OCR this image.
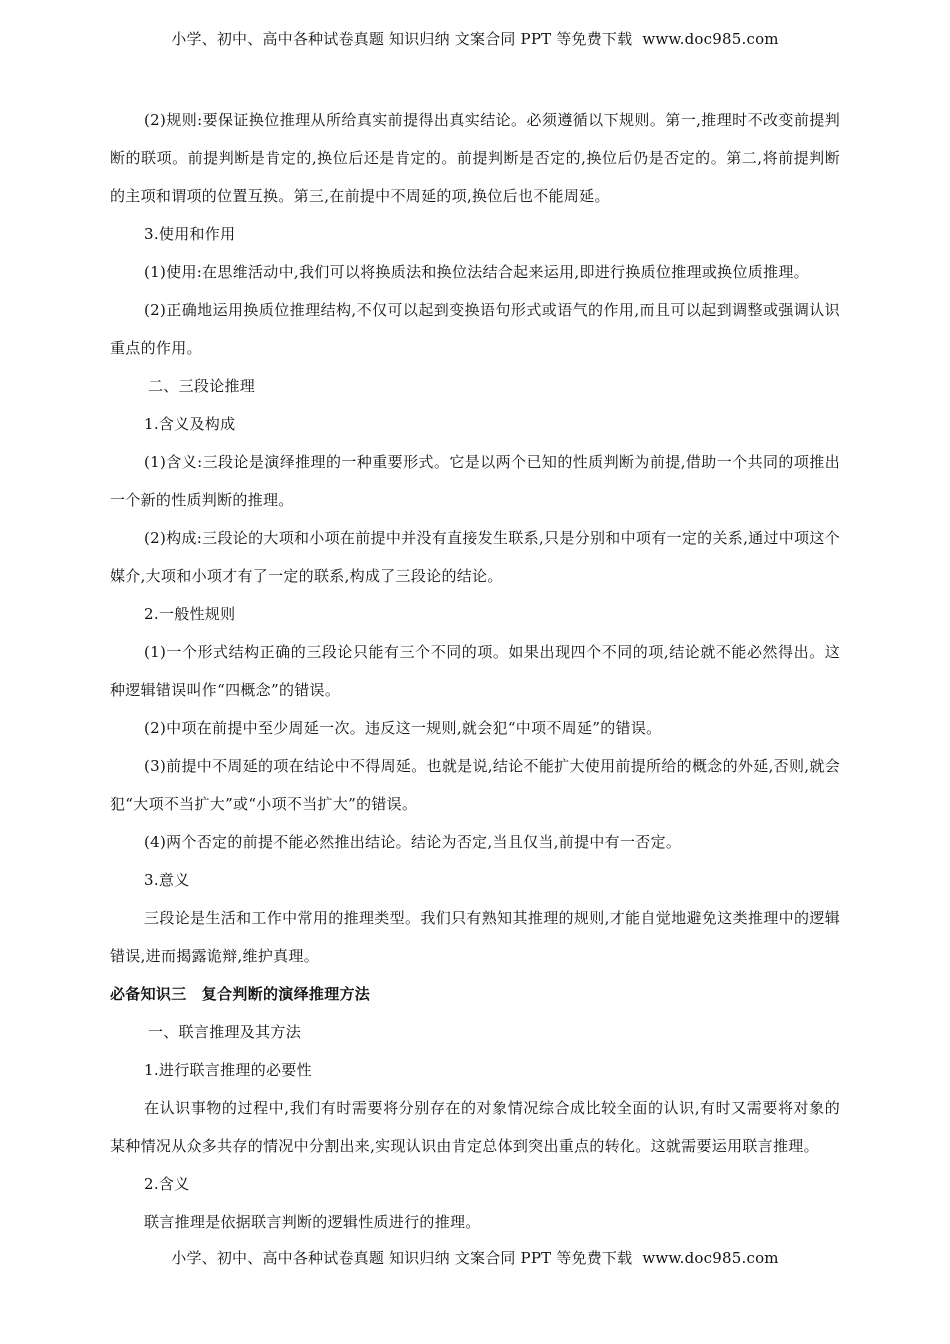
小学、初中、高中各种试卷真题 知识归纳 文案合同 PPT 等免费下载 www.doc985.com

(2)规则:要保证换位推理从所给真实前提得出真实结论。必须遵循以下规则。第一,推理时不改变前提判断的联项。前提判断是肯定的,换位后还是肯定的。前提判断是否定的,换位后仍是否定的。第二,将前提判断的主项和谓项的位置互换。第三,在前提中不周延的项,换位后也不能周延。

3.使用和作用

(1)使用:在思维活动中,我们可以将换质法和换位法结合起来运用,即进行换质位推理或换位质推理。

(2)正确地运用换质位推理结构,不仅可以起到变换语句形式或语气的作用,而且可以起到调整或强调认识重点的作用。

二、三段论推理

1.含义及构成

(1)含义:三段论是演绎推理的一种重要形式。它是以两个已知的性质判断为前提,借助一个共同的项推出一个新的性质判断的推理。

(2)构成:三段论的大项和小项在前提中并没有直接发生联系,只是分别和中项有一定的关系,通过中项这个媒介,大项和小项才有了一定的联系,构成了三段论的结论。

2.一般性规则

(1)一个形式结构正确的三段论只能有三个不同的项。如果出现四个不同的项,结论就不能必然得出。这种逻辑错误叫作“四概念”的错误。

(2)中项在前提中至少周延一次。违反这一规则,就会犯“中项不周延”的错误。

(3)前提中不周延的项在结论中不得周延。也就是说,结论不能扩大使用前提所给的概念的外延,否则,就会犯“大项不当扩大”或“小项不当扩大”的错误。

(4)两个否定的前提不能必然推出结论。结论为否定,当且仅当,前提中有一否定。

3.意义

三段论是生活和工作中常用的推理类型。我们只有熟知其推理的规则,才能自觉地避免这类推理中的逻辑错误,进而揭露诡辩,维护真理。

必备知识三　复合判断的演绎推理方法

一、联言推理及其方法

1.进行联言推理的必要性

在认识事物的过程中,我们有时需要将分别存在的对象情况综合成比较全面的认识,有时又需要将对象的某种情况从众多共存的情况中分割出来,实现认识由肯定总体到突出重点的转化。这就需要运用联言推理。

2.含义

联言推理是依据联言判断的逻辑性质进行的推理。

小学、初中、高中各种试卷真题 知识归纳 文案合同 PPT 等免费下载 www.doc985.com
